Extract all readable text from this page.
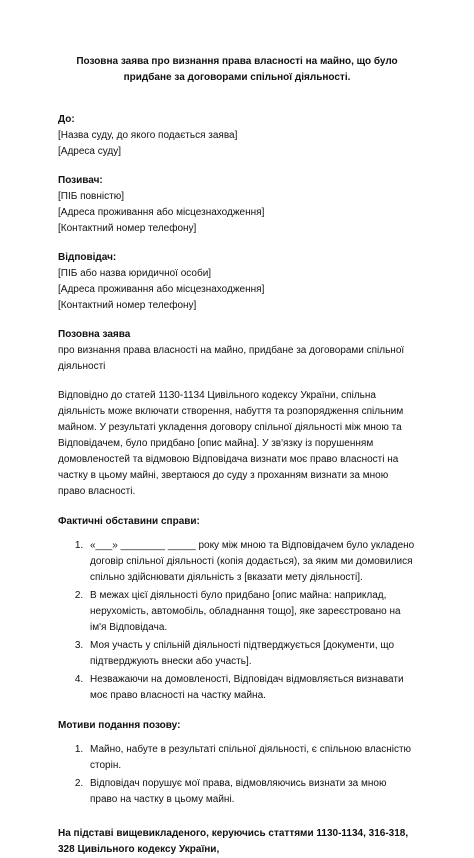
Позовна заява про визнання права власності на майно, що було придбане за договорами спільної діяльності.
До:
[Назва суду, до якого подається заява]
[Адреса суду]
Позивач:
[ПІБ повністю]
[Адреса проживання або місцезнаходження]
[Контактний номер телефону]
Відповідач:
[ПІБ або назва юридичної особи]
[Адреса проживання або місцезнаходження]
[Контактний номер телефону]
Позовна заява
про визнання права власності на майно, придбане за договорами спільної діяльності
Відповідно до статей 1130-1134 Цивільного кодексу України, спільна діяльність може включати створення, набуття та розпорядження спільним майном. У результаті укладення договору спільної діяльності між мною та Відповідачем, було придбано [опис майна]. У зв'язку із порушенням домовленостей та відмовою Відповідача визнати моє право власності на частку в цьому майні, звертаюся до суду з проханням визнати за мною право власності.
Фактичні обставини справи:
1. «___» ________ _____ року між мною та Відповідачем було укладено договір спільної діяльності (копія додається), за яким ми домовилися спільно здійснювати діяльність з [вказати мету діяльності].
2. В межах цієї діяльності було придбано [опис майна: наприклад, нерухомість, автомобіль, обладнання тощо], яке зареєстровано на ім'я Відповідача.
3. Моя участь у спільній діяльності підтверджується [документи, що підтверджують внески або участь].
4. Незважаючи на домовленості, Відповідач відмовляється визнавати моє право власності на частку майна.
Мотиви подання позову:
1. Майно, набуте в результаті спільної діяльності, є спільною власністю сторін.
2. Відповідач порушує мої права, відмовляючись визнати за мною право на частку в цьому майні.
На підставі вищевикладеного, керуючись статтями 1130-1134, 316-318, 328 Цивільного кодексу України,
